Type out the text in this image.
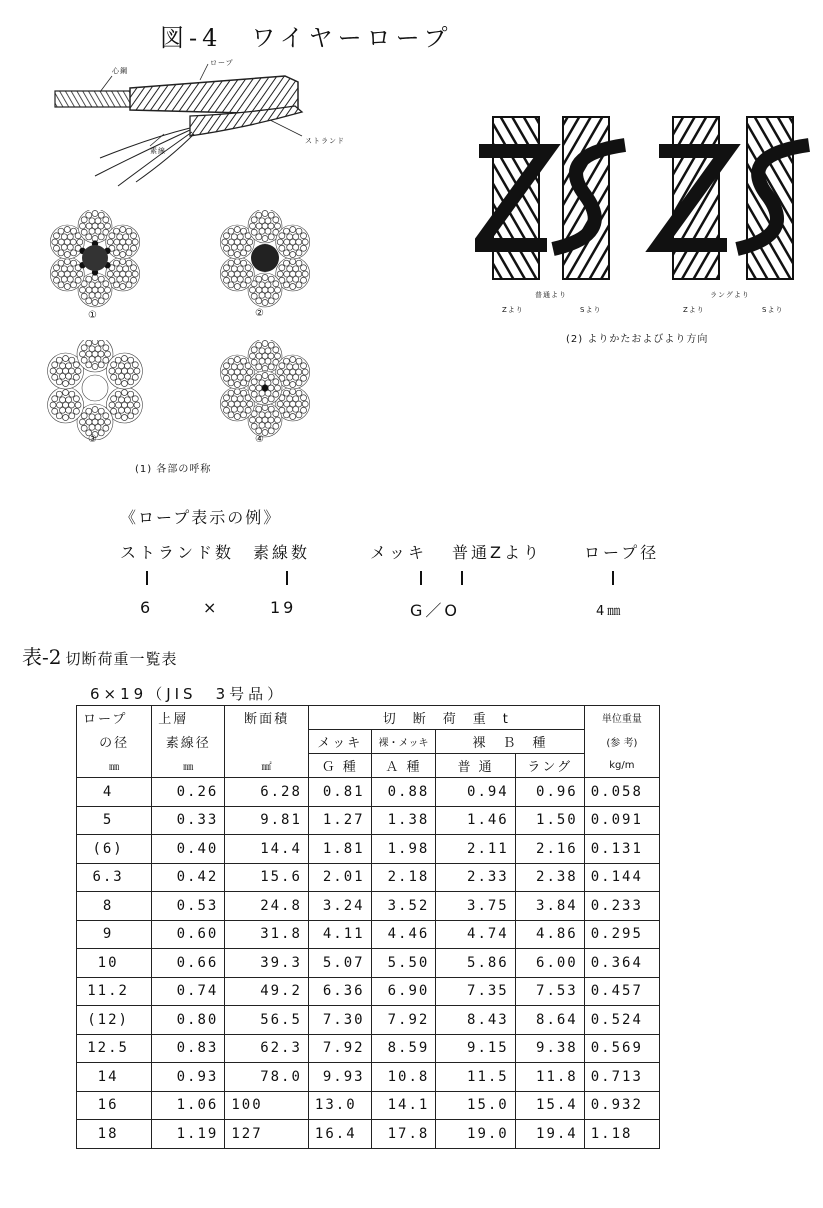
図-4　ワイヤーロープ
心鋼
ロープ
ストランド
素線
①	②
③	④
(1) 各部の呼称
普通より	ラングより
Zより	Sより	Zより	Sより
(2) よりかたおよびより方向
《ロープ表示の例》
ストランド数 素線数	メッキ 普通Zより	ロープ径
6	×	19	G／O	4㎜
表-2 切断荷重一覧表
6×19（JIS　3号品）
ロープ	上層	断面積	切　断　荷　重　t				単位重量
の径	素線径		メッキ	裸・メッキ	裸　Ｂ　種		(参 考)
㎜	㎜	㎟	Ｇ 種	Ａ 種	普 通	ラング	kg/m
4	0.26	6.28	0.81	0.88	0.94	0.96	0.058
5	0.33	9.81	1.27	1.38	1.46	1.50	0.091
(6)	0.40	14.4	1.81	1.98	2.11	2.16	0.131
6.3	0.42	15.6	2.01	2.18	2.33	2.38	0.144
8	0.53	24.8	3.24	3.52	3.75	3.84	0.233
9	0.60	31.8	4.11	4.46	4.74	4.86	0.295
10	0.66	39.3	5.07	5.50	5.86	6.00	0.364
11.2	0.74	49.2	6.36	6.90	7.35	7.53	0.457
(12)	0.80	56.5	7.30	7.92	8.43	8.64	0.524
12.5	0.83	62.3	7.92	8.59	9.15	9.38	0.569
14	0.93	78.0	9.93	10.8	11.5	11.8	0.713
16	1.06	100	13.0	14.1	15.0	15.4	0.932
18	1.19	127	16.4	17.8	19.0	19.4	1.18
